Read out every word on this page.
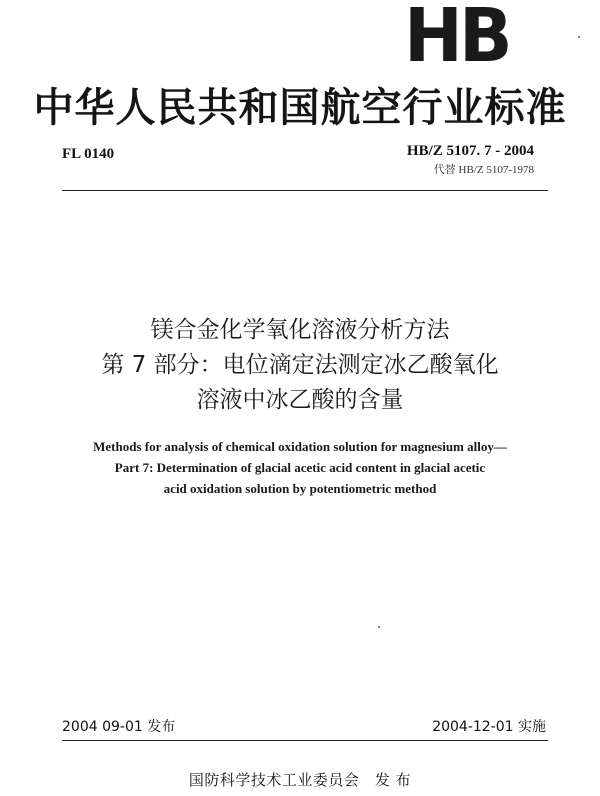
HB
中华人民共和国航空行业标准
FL 0140	HB/Z 5107. 7 - 2004
代替 HB/Z 5107-1978
镁合金化学氧化溶液分析方法
第 7 部分：电位滴定法测定冰乙酸氧化
溶液中冰乙酸的含量
Methods for analysis of chemical oxidation solution for magnesium alloy—
Part 7: Determination of glacial acetic acid content in glacial acetic
acid oxidation solution by potentiometric method
2004 09-01 发布	2004-12-01 实施
国防科学技术工业委员会　发 布
